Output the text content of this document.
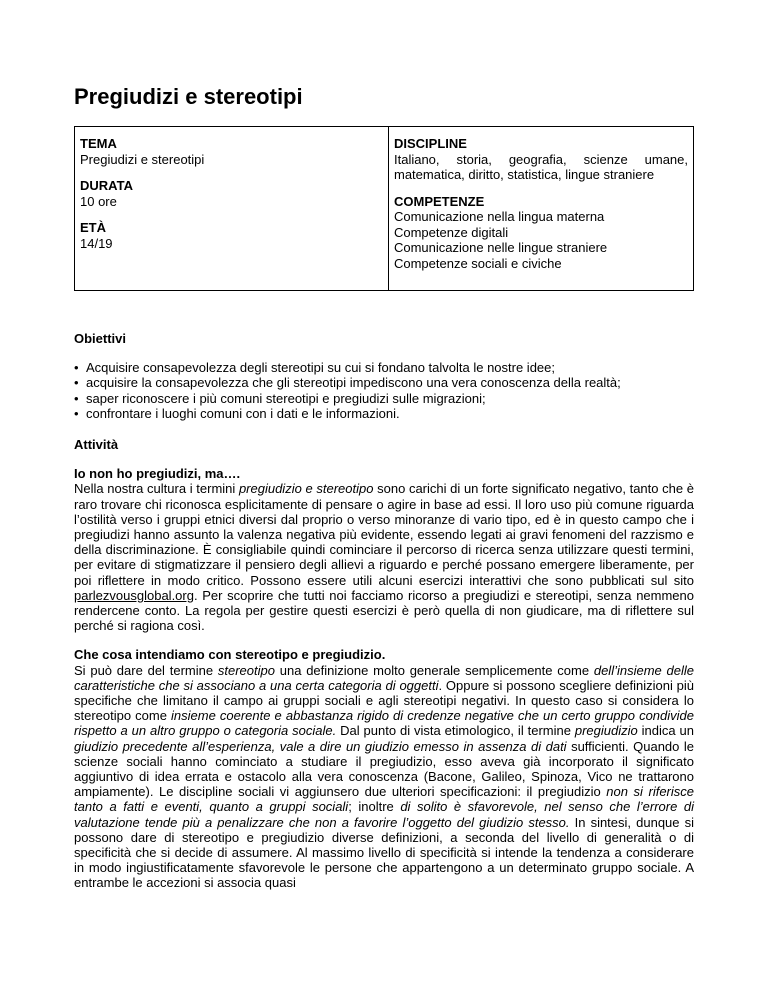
Pregiudizi e stereotipi
TEMA
Pregiudizi e stereotipi
DURATA
10 ore
ETÀ
14/19
DISCIPLINE
Italiano, storia, geografia, scienze umane, matematica, diritto, statistica, lingue straniere
COMPETENZE
Comunicazione nella lingua materna
Competenze digitali
Comunicazione nelle lingue straniere
Competenze sociali e civiche
Obiettivi
• Acquisire consapevolezza degli stereotipi su cui si fondano talvolta le nostre idee;
• acquisire la consapevolezza che gli stereotipi impediscono una vera conoscenza della realtà;
• saper riconoscere i più comuni stereotipi e pregiudizi sulle migrazioni;
• confrontare i luoghi comuni con i dati e le informazioni.
Attività
Io non ho pregiudizi, ma….

Nella nostra cultura i termini pregiudizio e stereotipo sono carichi di un forte significato negativo, tanto che è raro trovare chi riconosca esplicitamente di pensare o agire in base ad essi. Il loro uso più comune riguarda l’ostilità verso i gruppi etnici diversi dal proprio o verso minoranze di vario tipo, ed è in questo campo che i pregiudizi hanno assunto la valenza negativa più evidente, essendo legati ai gravi fenomeni del razzismo e della discriminazione. È consigliabile quindi cominciare il percorso di ricerca senza utilizzare questi termini, per evitare di stigmatizzare il pensiero degli allievi a riguardo e perché possano emergere liberamente, per poi riflettere in modo critico. Possono essere utili alcuni esercizi interattivi che sono pubblicati sul sito parlezvousglobal.org. Per scoprire che tutti noi facciamo ricorso a pregiudizi e stereotipi, senza nemmeno rendercene conto. La regola per gestire questi esercizi è però quella di non giudicare, ma di riflettere sul perché si ragiona così.

Che cosa intendiamo con stereotipo e pregiudizio.

Si può dare del termine stereotipo una definizione molto generale semplicemente come dell’insieme delle caratteristiche che si associano a una certa categoria di oggetti. Oppure si possono scegliere definizioni più specifiche che limitano il campo ai gruppi sociali e agli stereotipi negativi. In questo caso si considera lo stereotipo come insieme coerente e abbastanza rigido di credenze negative che un certo gruppo condivide rispetto a un altro gruppo o categoria sociale. Dal punto di vista etimologico, il termine pregiudizio indica un giudizio precedente all’esperienza, vale a dire un giudizio emesso in assenza di dati sufficienti. Quando le scienze sociali hanno cominciato a studiare il pregiudizio, esso aveva già incorporato il significato aggiuntivo di idea errata e ostacolo alla vera conoscenza (Bacone, Galileo, Spinoza, Vico ne trattarono ampiamente). Le discipline sociali vi aggiunsero due ulteriori specificazioni: il pregiudizio non si riferisce tanto a fatti e eventi, quanto a gruppi sociali; inoltre di solito è sfavorevole, nel senso che l’errore di valutazione tende più a penalizzare che non a favorire l’oggetto del giudizio stesso. In sintesi, dunque si possono dare di stereotipo e pregiudizio diverse definizioni, a seconda del livello di generalità o di specificità che si decide di assumere. Al massimo livello di specificità si intende la tendenza a considerare in modo ingiustificatamente sfavorevole le persone che appartengono a un determinato gruppo sociale. A entrambe le accezioni si associa quasi
